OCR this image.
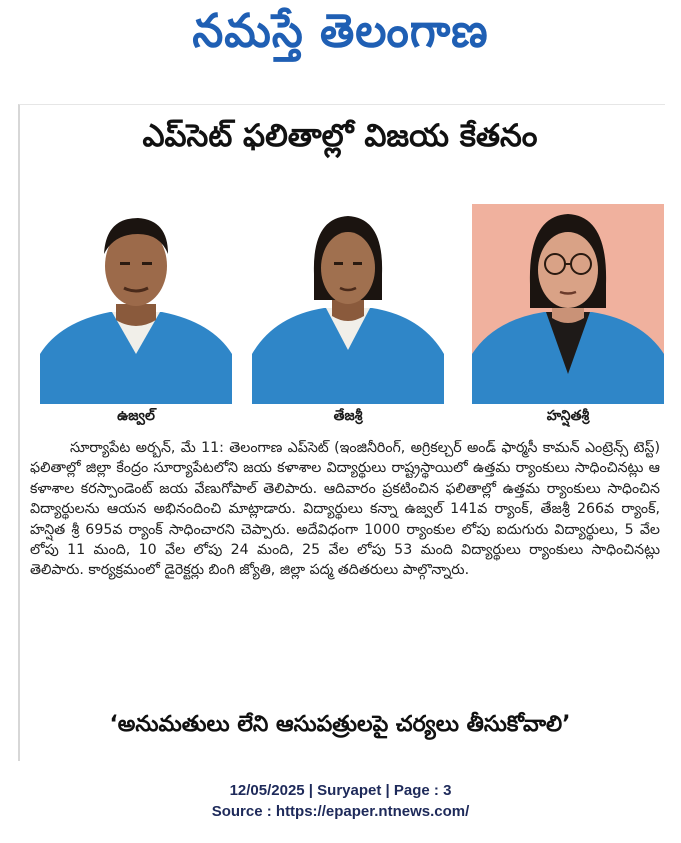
నమస్తే తెలంగాణ
ఎప్‌సెట్ ఫలితాల్లో విజయ కేతనం
ఉజ్వల్	తేజశ్రీ	హన్షితశ్రీ
సూర్యాపేట అర్బన్, మే 11: తెలంగాణ ఎప్‌సెట్ (ఇంజినీరింగ్, అగ్రికల్చర్ అండ్ ఫార్మసీ కామన్ ఎంట్రెన్స్ టెస్ట్) ఫలితాల్లో జిల్లా కేంద్రం సూర్యాపేటలోని జయ కళాశాల విద్యార్థులు రాష్ట్రస్థాయిలో ఉత్తమ ర్యాంకులు సాధించినట్లు ఆ కళాశాల కరస్పాండెంట్ జయ వేణుగోపాల్ తెలిపారు. ఆదివారం ప్రకటించిన ఫలితాల్లో ఉత్తమ ర్యాంకులు సాధించిన విద్యార్థులను ఆయన అభినందించి మాట్లాడారు. విద్యార్థులు కన్నా ఉజ్వల్ 141వ ర్యాంక్, తేజశ్రీ 266వ ర్యాంక్, హన్షిత శ్రీ 695వ ర్యాంక్ సాధించారని చెప్పారు. అదేవిధంగా 1000 ర్యాంకుల లోపు ఐదుగురు విద్యార్థులు, 5 వేల లోపు 11 మంది, 10 వేల లోపు 24 మంది, 25 వేల లోపు 53 మంది విద్యార్థులు ర్యాంకులు సాధించినట్లు తెలిపారు. కార్యక్రమంలో డైరెక్టర్లు బింగి జ్యోతి, జిల్లా పద్మ తదితరులు పాల్గొన్నారు.
‘అనుమతులు లేని ఆసుపత్రులపై చర్యలు తీసుకోవాలి’
12/05/2025 | Suryapet | Page : 3
Source : https://epaper.ntnews.com/
